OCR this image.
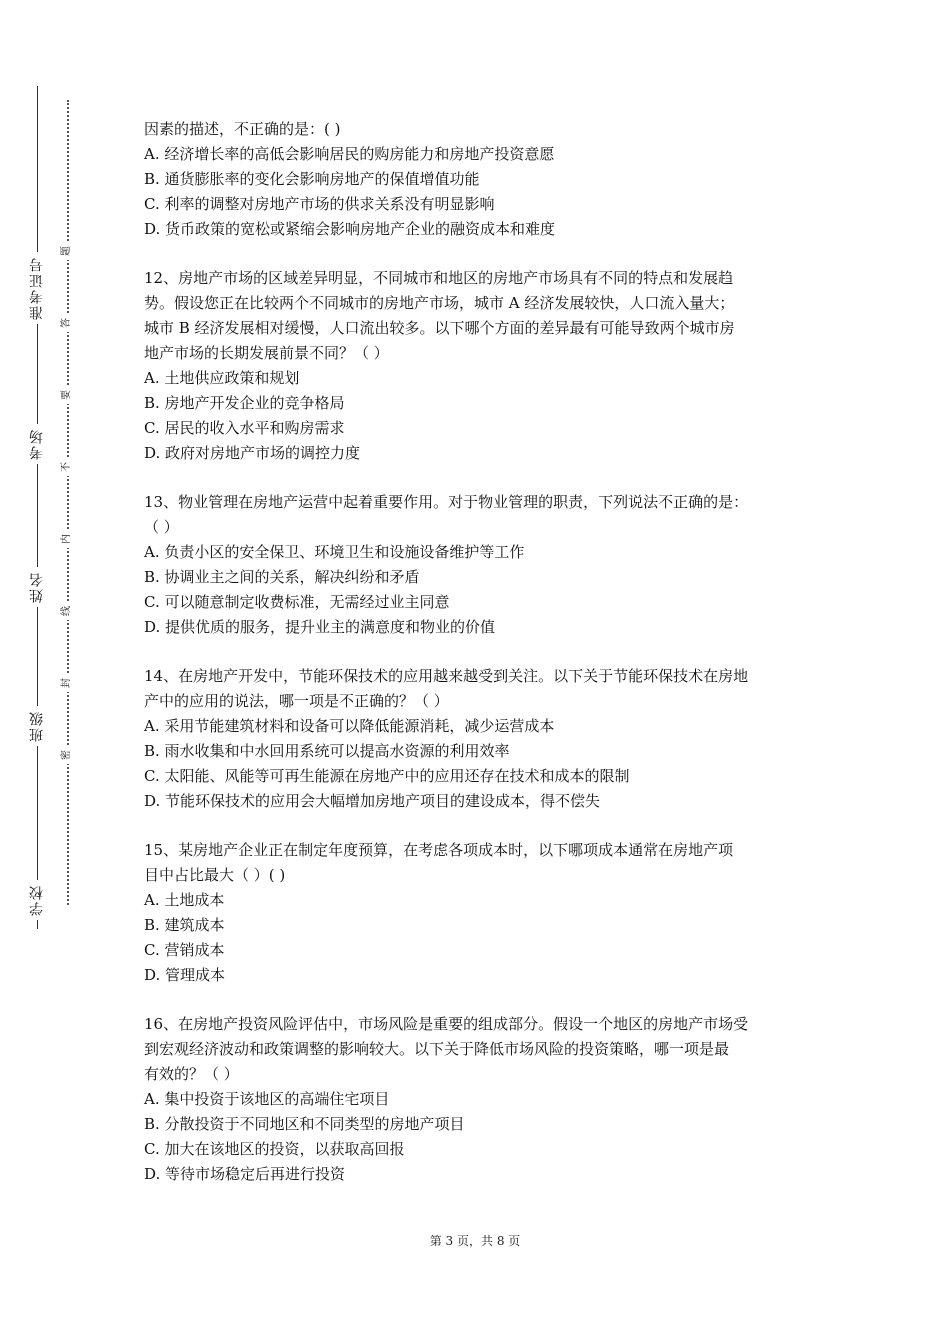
学校
班级
姓名
考场
准考证号
题
答
要
不
内
线
封
密
因素的描述，不正确的是：( )
A. 经济增长率的高低会影响居民的购房能力和房地产投资意愿
B. 通货膨胀率的变化会影响房地产的保值增值功能
C. 利率的调整对房地产市场的供求关系没有明显影响
D. 货币政策的宽松或紧缩会影响房地产企业的融资成本和难度
12、房地产市场的区域差异明显，不同城市和地区的房地产市场具有不同的特点和发展趋
势。假设您正在比较两个不同城市的房地产市场，城市 A 经济发展较快，人口流入量大；
城市 B 经济发展相对缓慢，人口流出较多。以下哪个方面的差异最有可能导致两个城市房
地产市场的长期发展前景不同？（ ）
A. 土地供应政策和规划
B. 房地产开发企业的竞争格局
C. 居民的收入水平和购房需求
D. 政府对房地产市场的调控力度
13、物业管理在房地产运营中起着重要作用。对于物业管理的职责，下列说法不正确的是：
（ ）
A. 负责小区的安全保卫、环境卫生和设施设备维护等工作
B. 协调业主之间的关系，解决纠纷和矛盾
C. 可以随意制定收费标准，无需经过业主同意
D. 提供优质的服务，提升业主的满意度和物业的价值
14、在房地产开发中，节能环保技术的应用越来越受到关注。以下关于节能环保技术在房地
产中的应用的说法，哪一项是不正确的？（ ）
A. 采用节能建筑材料和设备可以降低能源消耗，减少运营成本
B. 雨水收集和中水回用系统可以提高水资源的利用效率
C. 太阳能、风能等可再生能源在房地产中的应用还存在技术和成本的限制
D. 节能环保技术的应用会大幅增加房地产项目的建设成本，得不偿失
15、某房地产企业正在制定年度预算，在考虑各项成本时，以下哪项成本通常在房地产项
目中占比最大（ ）( )
A. 土地成本
B. 建筑成本
C. 营销成本
D. 管理成本
16、在房地产投资风险评估中，市场风险是重要的组成部分。假设一个地区的房地产市场受
到宏观经济波动和政策调整的影响较大。以下关于降低市场风险的投资策略，哪一项是最
有效的？（ ）
A. 集中投资于该地区的高端住宅项目
B. 分散投资于不同地区和不同类型的房地产项目
C. 加大在该地区的投资，以获取高回报
D. 等待市场稳定后再进行投资
第 3 页，共 8 页
